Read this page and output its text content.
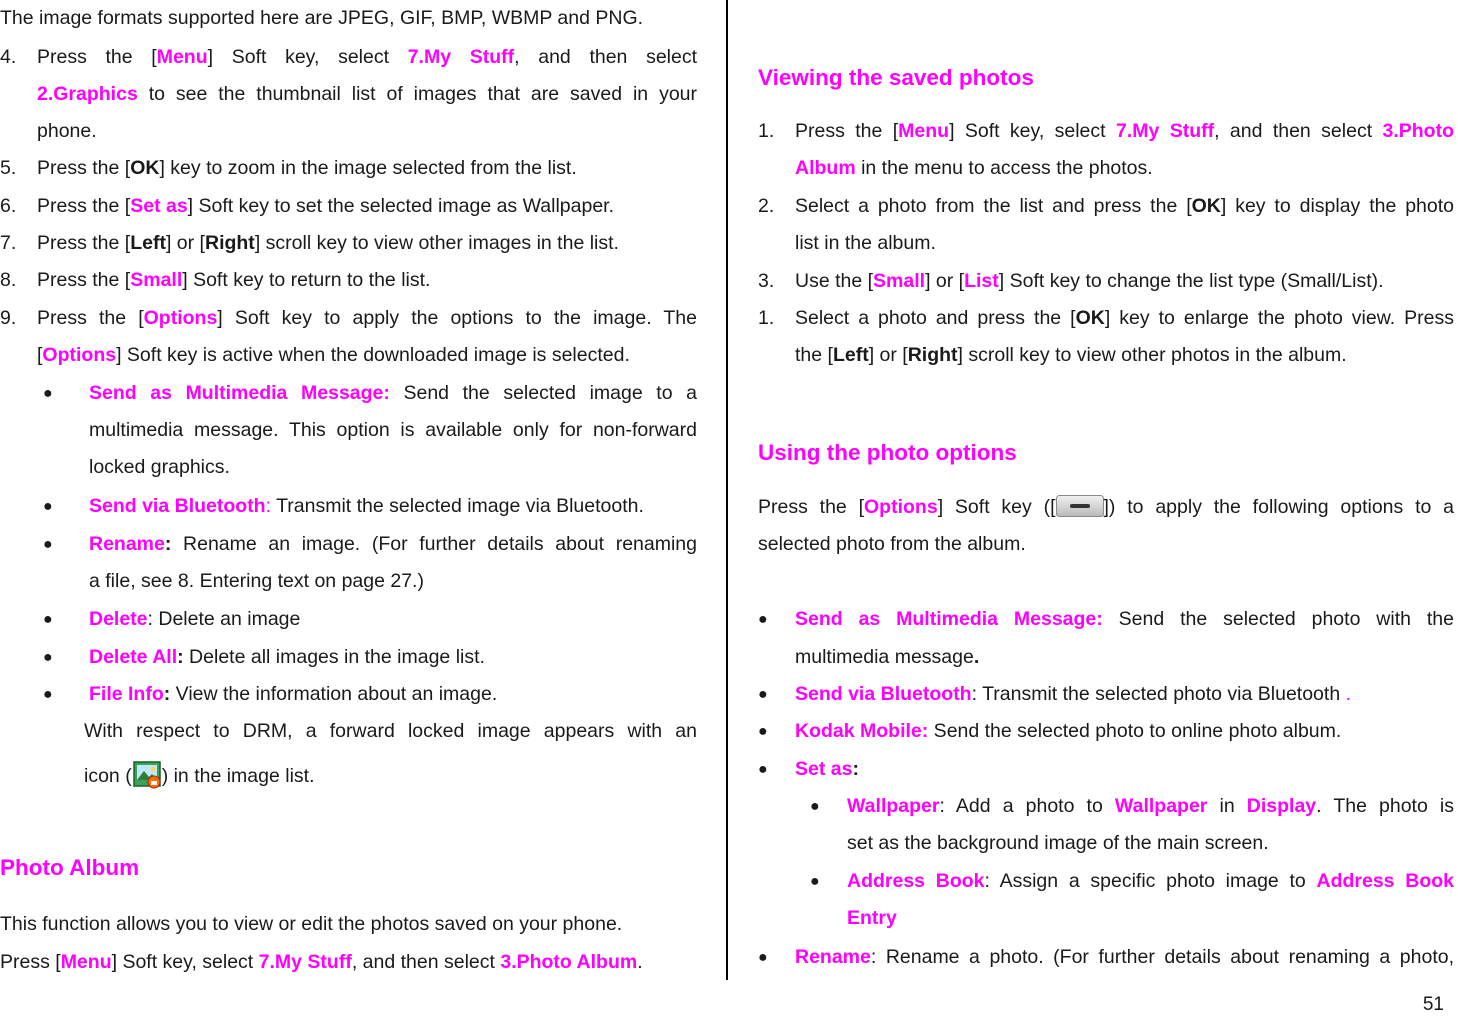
The image formats supported here are JPEG, GIF, BMP, WBMP and PNG.
4. Press the [Menu] Soft key, select 7.My Stuff, and then select
2.Graphics to see the thumbnail list of images that are saved in your
phone.
5. Press the [OK] key to zoom in the image selected from the list.
6. Press the [Set as] Soft key to set the selected image as Wallpaper.
7. Press the [Left] or [Right] scroll key to view other images in the list.
8. Press the [Small] Soft key to return to the list.
9. Press the [Options] Soft key to apply the options to the image. The
[Options] Soft key is active when the downloaded image is selected.
● Send as Multimedia Message: Send the selected image to a
multimedia message. This option is available only for non-forward
locked graphics.
● Send via Bluetooth: Transmit the selected image via Bluetooth.
● Rename: Rename an image. (For further details about renaming
a file, see 8. Entering text on page 27.)
● Delete: Delete an image
● Delete All: Delete all images in the image list.
● File Info: View the information about an image.
With respect to DRM, a forward locked image appears with an
icon ( ) in the image list.
Photo Album
This function allows you to view or edit the photos saved on your phone.
Press [Menu] Soft key, select 7.My Stuff, and then select 3.Photo Album.
Viewing the saved photos
1. Press the [Menu] Soft key, select 7.My Stuff, and then select 3.Photo
Album in the menu to access the photos.
2. Select a photo from the list and press the [OK] key to display the photo
list in the album.
3. Use the [Small] or [List] Soft key to change the list type (Small/List).
1. Select a photo and press the [OK] key to enlarge the photo view. Press
the [Left] or [Right] scroll key to view other photos in the album.
Using the photo options
Press the [Options] Soft key ([ ]) to apply the following options to a
selected photo from the album.
● Send as Multimedia Message: Send the selected photo with the
multimedia message.
● Send via Bluetooth: Transmit the selected photo via Bluetooth .
● Kodak Mobile: Send the selected photo to online photo album.
● Set as:
● Wallpaper: Add a photo to Wallpaper in Display. The photo is
set as the background image of the main screen.
● Address Book: Assign a specific photo image to Address Book
Entry
● Rename: Rename a photo. (For further details about renaming a photo,
51
